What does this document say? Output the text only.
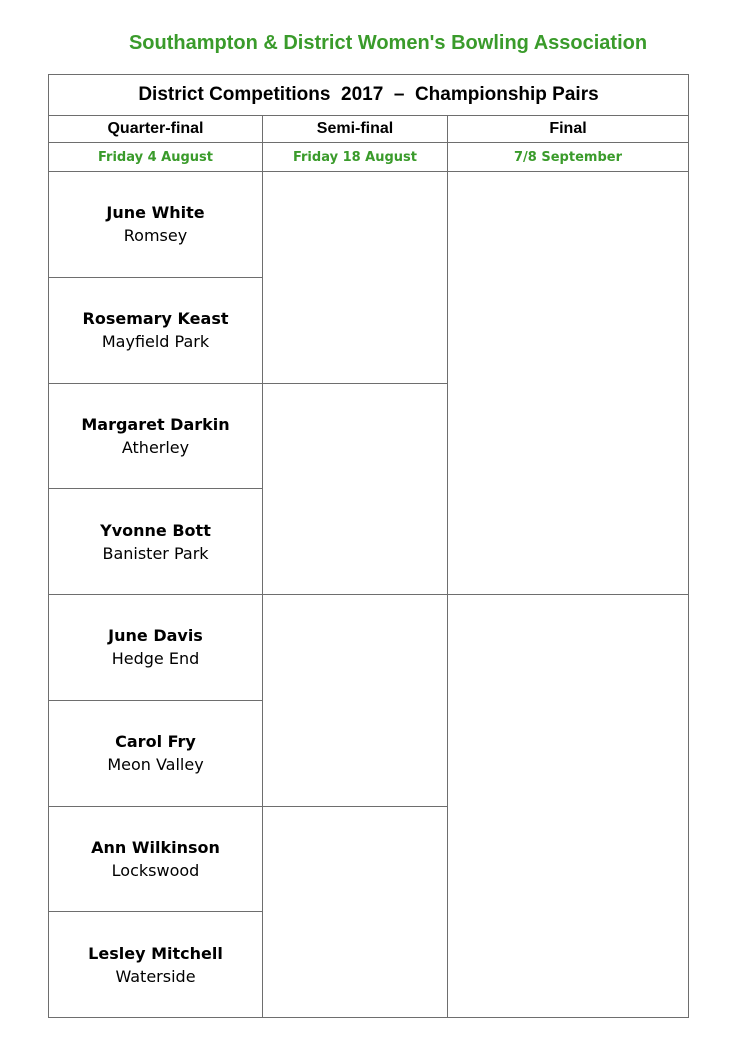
Southampton & District Women's Bowling Association
District Competitions  2017  –  Championship Pairs
Quarter-final	Semi-final	Final
Friday 4 August	Friday 18 August	7/8 September
June White
Romsey
Rosemary Keast
Mayfield Park
Margaret Darkin
Atherley
Yvonne Bott
Banister Park
June Davis
Hedge End
Carol Fry
Meon Valley
Ann Wilkinson
Lockswood
Lesley Mitchell
Waterside
